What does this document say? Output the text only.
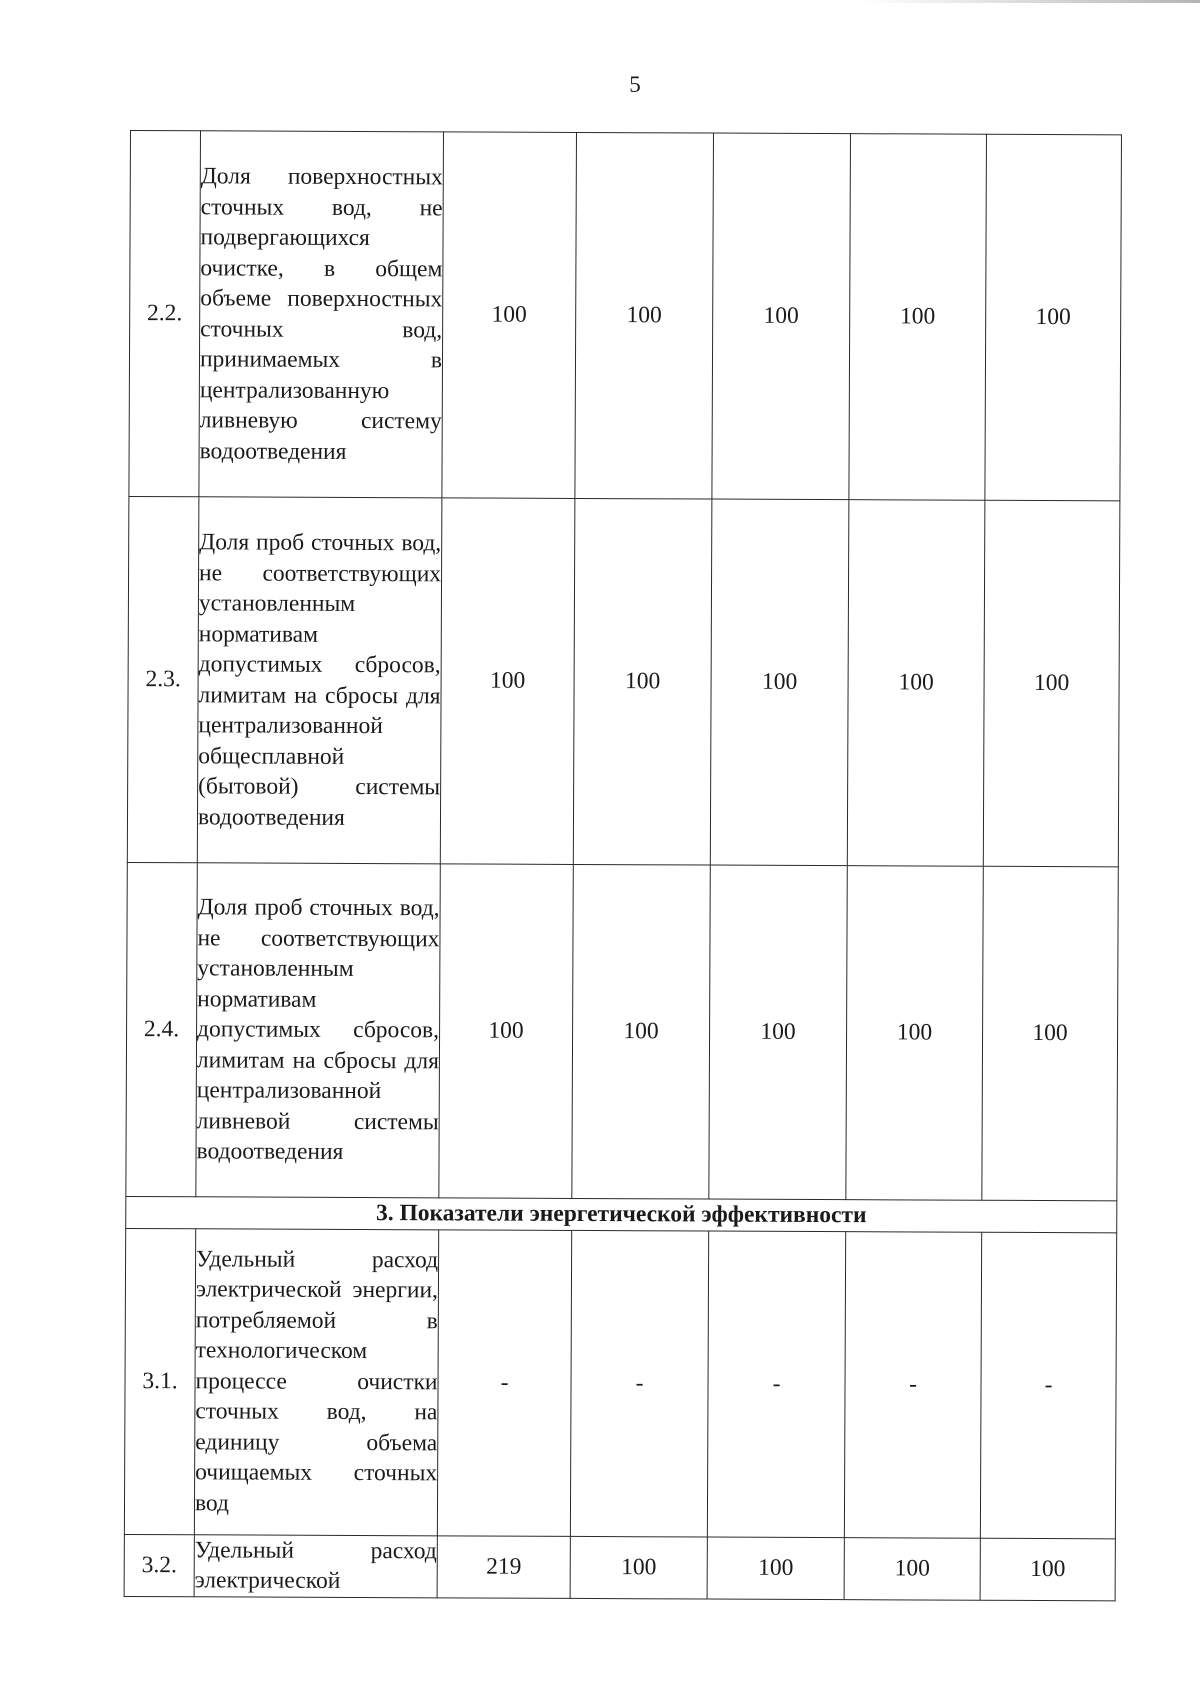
5
2.2.	Доля поверхностных сточных вод, не подвергающихся очистке, в общем объеме поверхностных сточных вод, принимаемых в централизованную ливневую систему водоотведения	100	100	100	100	100
2.3.	Доля проб сточных вод, не соответствующих установленным нормативам допустимых сбросов, лимитам на сбросы для централизованной общесплавной (бытовой) системы водоотведения	100	100	100	100	100
2.4.	Доля проб сточных вод, не соответствующих установленным нормативам допустимых сбросов, лимитам на сбросы для централизованной ливневой системы водоотведения	100	100	100	100	100
3. Показатели энергетической эффективности						
3.1.	Удельный расход электрической энергии, потребляемой в технологическом процессе очистки сточных вод, на единицу объема очищаемых сточных вод	-	-	-	-	-
3.2.	Удельный расход электрической	219	100	100	100	100
